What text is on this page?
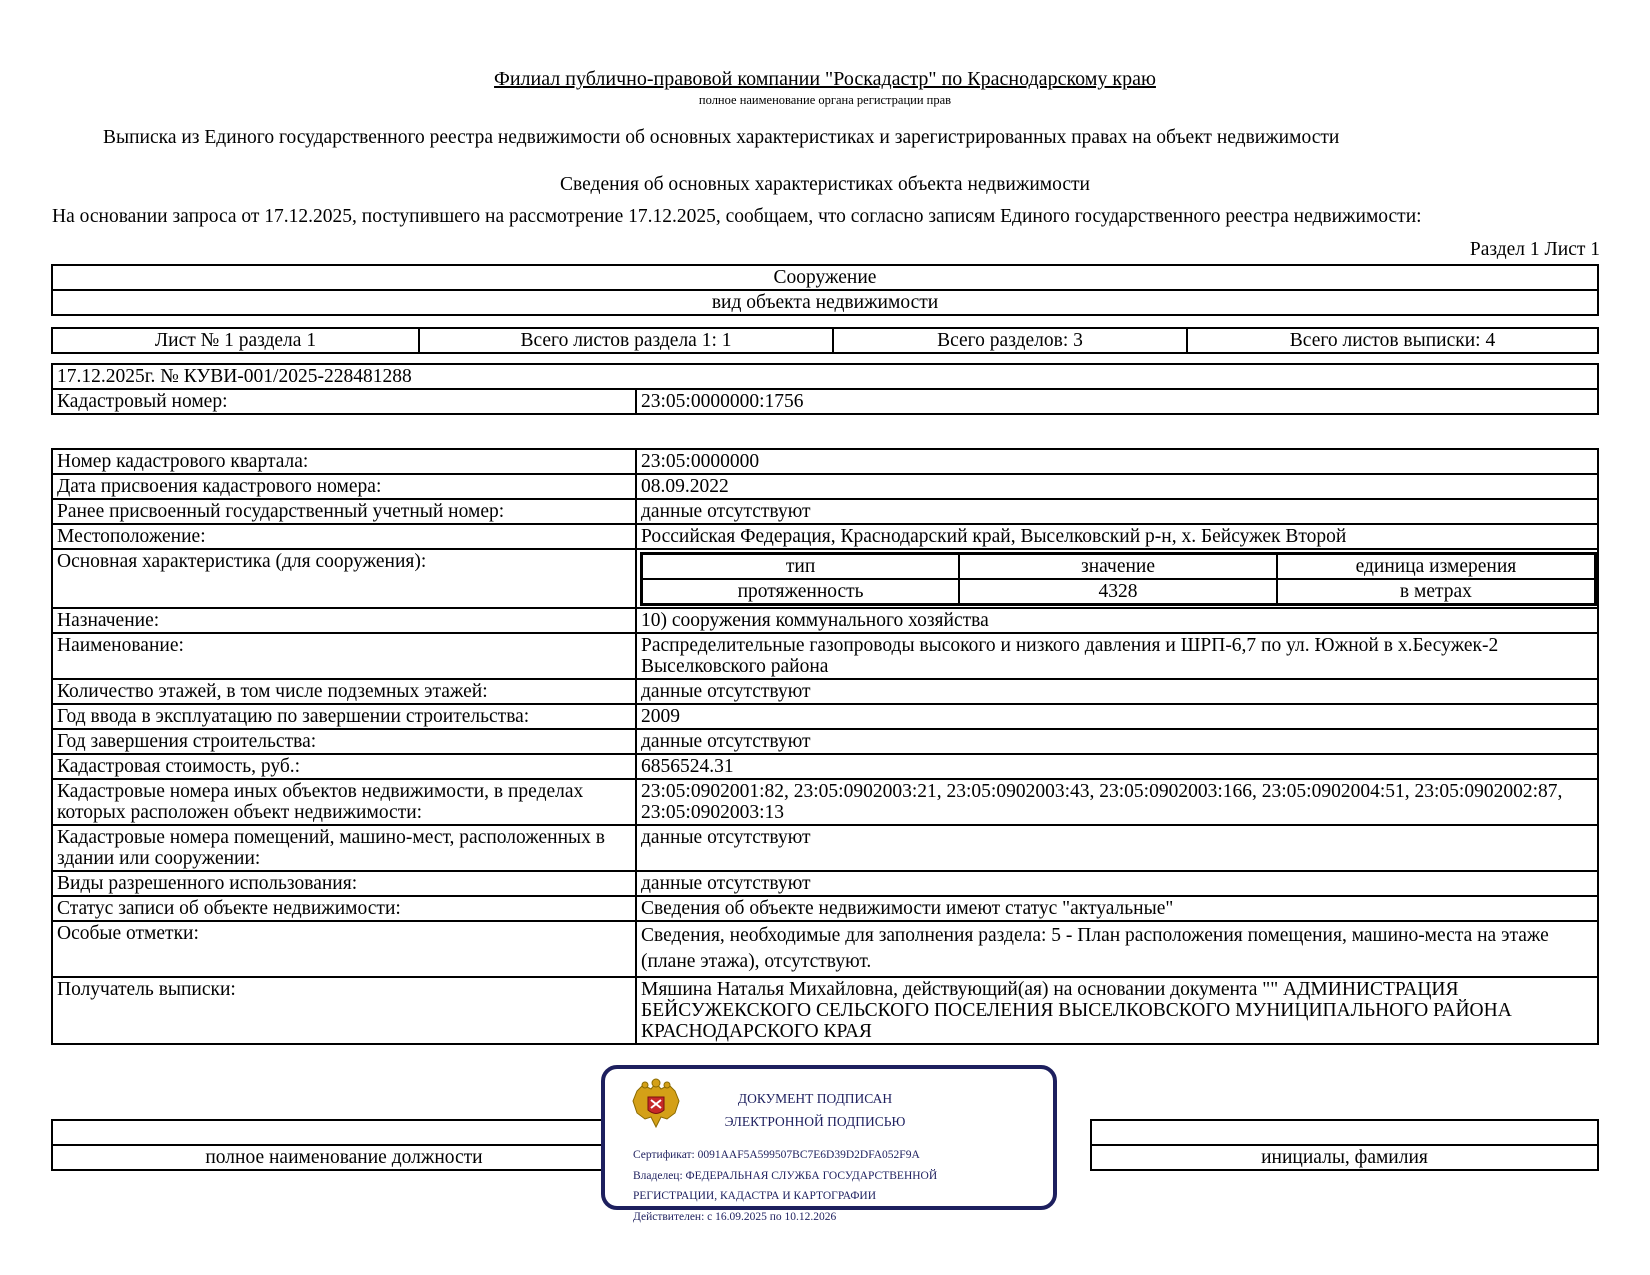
Филиал публично-правовой компании "Роскадастр" по Краснодарскому краю
полное наименование органа регистрации прав
Выписка из Единого государственного реестра недвижимости об основных характеристиках и зарегистрированных правах на объект недвижимости
Сведения об основных характеристиках объекта недвижимости
На основании запроса от 17.12.2025, поступившего на рассмотрение 17.12.2025, сообщаем, что согласно записям Единого государственного реестра недвижимости:
Раздел 1 Лист 1
Сооружение
вид объекта недвижимости
Лист № 1 раздела 1	Всего листов раздела 1: 1	Всего разделов: 3	Всего листов выписки: 4
17.12.2025г. № КУВИ-001/2025-228481288
Кадастровый номер:	23:05:0000000:1756
Номер кадастрового квартала:	23:05:0000000
Дата присвоения кадастрового номера:	08.09.2022
Ранее присвоенный государственный учетный номер:	данные отсутствуют
Местоположение:	Российская Федерация, Краснодарский край, Выселковский р-н, х. Бейсужек Второй
Основная характеристика (для сооружения):		тип	значение	единица измерения
протяженность	4328	в метрах

Назначение:	10) сооружения коммунального хозяйства
Наименование:	Распределительные газопроводы высокого и низкого давления и ШРП-6,7 по ул. Южной в х.Бесужек-2 Выселковского района
Количество этажей, в том числе подземных этажей:	данные отсутствуют
Год ввода в эксплуатацию по завершении строительства:	2009
Год завершения строительства:	данные отсутствуют
Кадастровая стоимость, руб.:	6856524.31
Кадастровые номера иных объектов недвижимости, в пределах которых расположен объект недвижимости:	23:05:0902001:82, 23:05:0902003:21, 23:05:0902003:43, 23:05:0902003:166, 23:05:0902004:51, 23:05:0902002:87, 23:05:0902003:13
Кадастровые номера помещений, машино-мест, расположенных в здании или сооружении:	данные отсутствуют
Виды разрешенного использования:	данные отсутствуют
Статус записи об объекте недвижимости:	Сведения об объекте недвижимости имеют статус "актуальные"
Особые отметки:	Сведения, необходимые для заполнения раздела: 5 - План расположения помещения, машино-места на этаже (плане этажа), отсутствуют.
Получатель выписки:	Мяшина Наталья Михайловна, действующий(ая) на основании документа "" АДМИНИСТРАЦИЯ БЕЙСУЖЕКСКОГО СЕЛЬСКОГО ПОСЕЛЕНИЯ ВЫСЕЛКОВСКОГО МУНИЦИПАЛЬНОГО РАЙОНА КРАСНОДАРСКОГО КРАЯ

полное наименование должности		инициалы, фамилия
ДОКУМЕНТ ПОДПИСАН
ЭЛЕКТРОННОЙ ПОДПИСЬЮ
Сертификат: 0091AAF5A599507BC7E6D39D2DFA052F9A
Владелец: ФЕДЕРАЛЬНАЯ СЛУЖБА ГОСУДАРСТВЕННОЙ
РЕГИСТРАЦИИ, КАДАСТРА И КАРТОГРАФИИ
Действителен: с 16.09.2025 по 10.12.2026
